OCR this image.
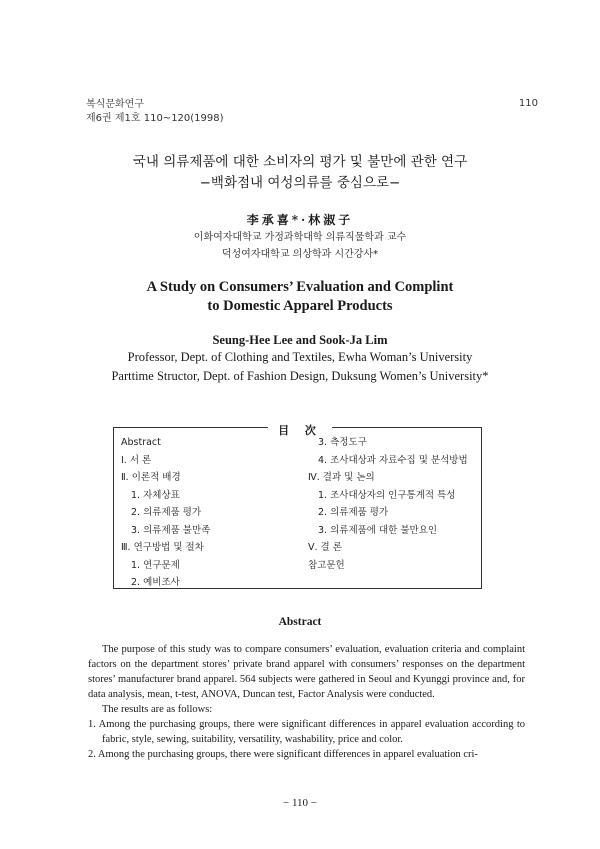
복식문화연구
제6권 제1호 110~120(1998)
110
국내 의류제품에 대한 소비자의 평가 및 불만에 관한 연구
−백화점내 여성의류를 중심으로−
李承喜*·林淑子
이화여자대학교 가정과학대학 의류직물학과 교수
덕성여자대학교 의상학과 시간강사*
A Study on Consumers’ Evaluation and Complint
to Domestic Apparel Products
Seung-Hee Lee and Sook-Ja Lim
Professor, Dept. of Clothing and Textiles, Ewha Woman’s University
Parttime Structor, Dept. of Fashion Design, Duksung Women’s University*
目 次
Abstract
Ⅰ. 서 론
Ⅱ. 이론적 배경
1. 자체상표
2. 의류제품 평가
3. 의류제품 불만족
Ⅲ. 연구방법 및 절차
1. 연구문제
2. 예비조사
3. 측정도구
4. 조사대상과 자료수집 및 분석방법
Ⅳ. 결과 및 논의
1. 조사대상자의 인구통계적 특성
2. 의류제품 평가
3. 의류제품에 대한 불만요인
Ⅴ. 결 론
참고문헌
Abstract
The purpose of this study was to compare consumers’ evaluation, evaluation criteria and complaint factors on the department stores’ private brand apparel with consumers’ responses on the department stores’ manufacturer brand apparel. 564 subjects were gathered in Seoul and Kyunggi province and, for data analysis, mean, t-test, ANOVA, Duncan test, Factor Analysis were conducted.
The results are as follows:
1. Among the purchasing groups, there were significant differences in apparel evaluation according to fabric, style, sewing, suitability, versatility, washability, price and color.
2. Among the purchasing groups, there were significant differences in apparel evaluation cri-
− 110 −
